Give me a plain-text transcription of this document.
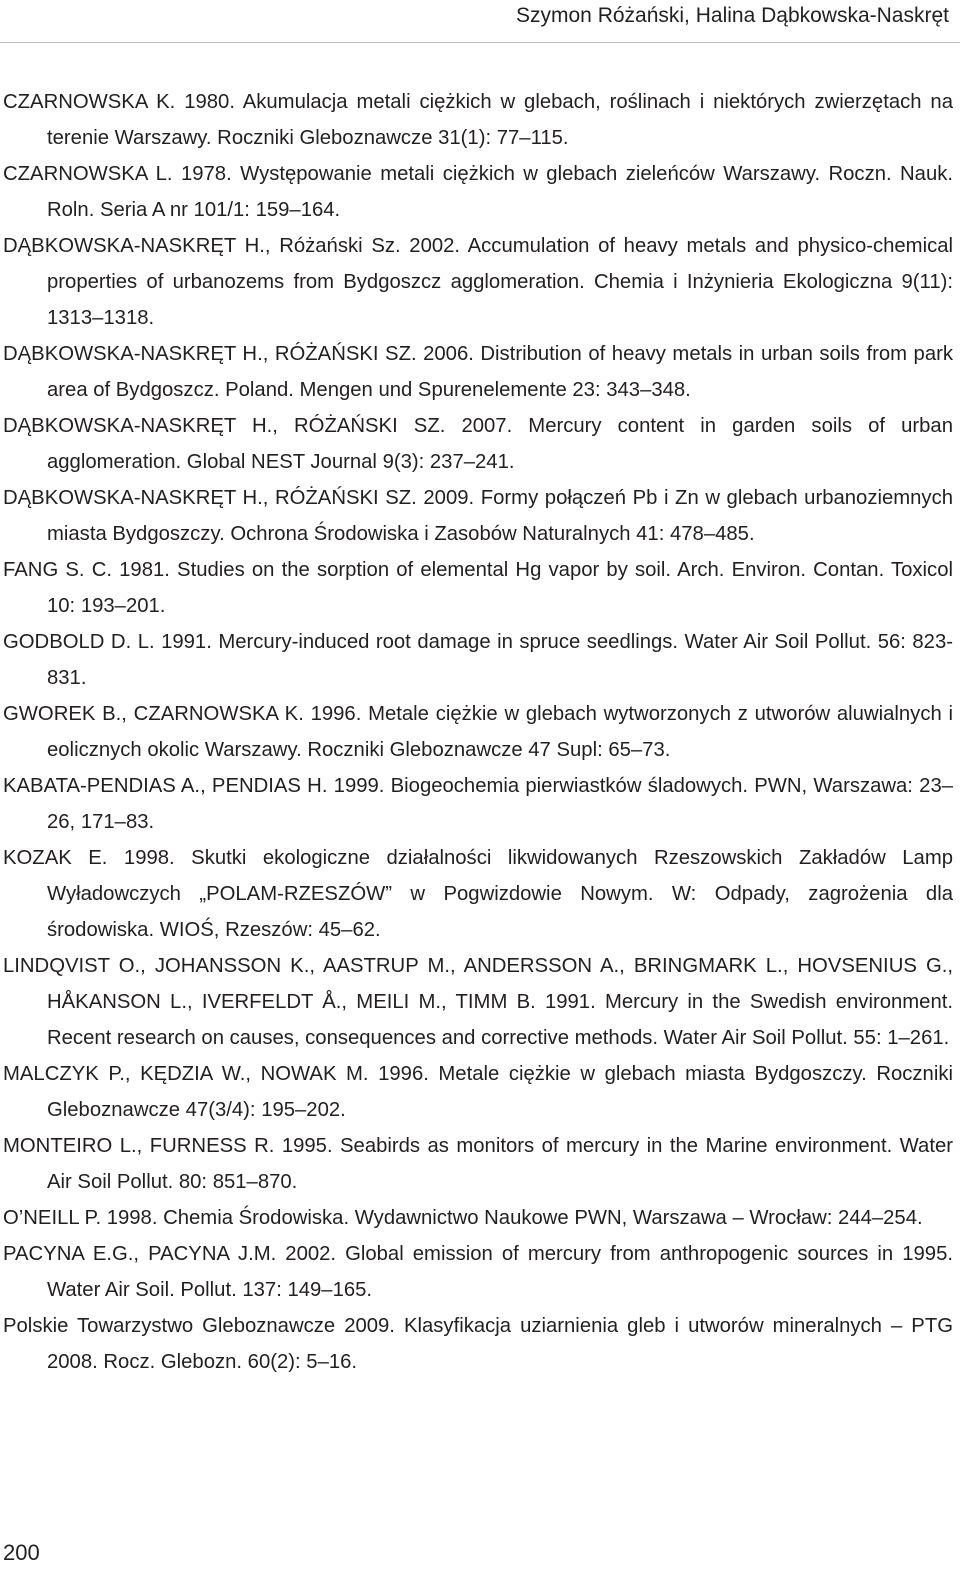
Szymon Różański, Halina Dąbkowska-Naskręt
CZARNOWSKA K. 1980. Akumulacja metali ciężkich w glebach, roślinach i niektórych zwierzętach na terenie Warszawy. Roczniki Gleboznawcze 31(1): 77–115.
CZARNOWSKA L. 1978. Występowanie metali ciężkich w glebach zieleńców Warszawy. Roczn. Nauk. Roln. Seria A nr 101/1: 159–164.
DĄBKOWSKA-NASKRĘT H., Różański Sz. 2002. Accumulation of heavy metals and physico-chemical properties of urbanozems from Bydgoszcz agglomeration. Chemia i Inżynieria Ekologiczna 9(11): 1313–1318.
DĄBKOWSKA-NASKRĘT H., RÓŻAŃSKI SZ. 2006. Distribution of heavy metals in urban soils from park area of Bydgoszcz. Poland. Mengen und Spurenelemente 23: 343–348.
DĄBKOWSKA-NASKRĘT H., RÓŻAŃSKI SZ. 2007. Mercury content in garden soils of urban agglomeration. Global NEST Journal 9(3): 237–241.
DĄBKOWSKA-NASKRĘT H., RÓŻAŃSKI SZ. 2009. Formy połączeń Pb i Zn w glebach urbanoziemnych miasta Bydgoszczy. Ochrona Środowiska i Zasobów Naturalnych 41: 478–485.
FANG S. C. 1981. Studies on the sorption of elemental Hg vapor by soil. Arch. Environ. Contan. Toxicol 10: 193–201.
GODBOLD D. L. 1991. Mercury-induced root damage in spruce seedlings. Water Air Soil Pollut. 56: 823-831.
GWOREK B., CZARNOWSKA K. 1996. Metale ciężkie w glebach wytworzonych z utworów aluwialnych i eolicznych okolic Warszawy. Roczniki Gleboznawcze 47 Supl: 65–73.
KABATA-PENDIAS A., PENDIAS H. 1999. Biogeochemia pierwiastków śladowych. PWN, Warszawa: 23–26, 171–83.
KOZAK E. 1998. Skutki ekologiczne działalności likwidowanych Rzeszowskich Zakładów Lamp Wyładowczych „POLAM-RZESZÓW” w Pogwizdowie Nowym. W: Odpady, zagrożenia dla środowiska. WIOŚ, Rzeszów: 45–62.
LINDQVIST O., JOHANSSON K., AASTRUP M., ANDERSSON A., BRINGMARK L., HOVSENIUS G., HÅKANSON L., IVERFELDT Å., MEILI M., TIMM B. 1991. Mercury in the Swedish environment. Recent research on causes, consequences and corrective methods. Water Air Soil Pollut. 55: 1–261.
MALCZYK P., KĘDZIA W., NOWAK M. 1996. Metale ciężkie w glebach miasta Bydgoszczy. Roczniki Gleboznawcze 47(3/4): 195–202.
MONTEIRO L., FURNESS R. 1995. Seabirds as monitors of mercury in the Marine environment. Water Air Soil Pollut. 80: 851–870.
O’NEILL P. 1998. Chemia Środowiska. Wydawnictwo Naukowe PWN, Warszawa – Wrocław: 244–254.
PACYNA E.G., PACYNA J.M. 2002. Global emission of mercury from anthropogenic sources in 1995. Water Air Soil. Pollut. 137: 149–165.
Polskie Towarzystwo Gleboznawcze 2009. Klasyfikacja uziarnienia gleb i utworów mineralnych – PTG 2008. Rocz. Glebozn. 60(2): 5–16.
200
